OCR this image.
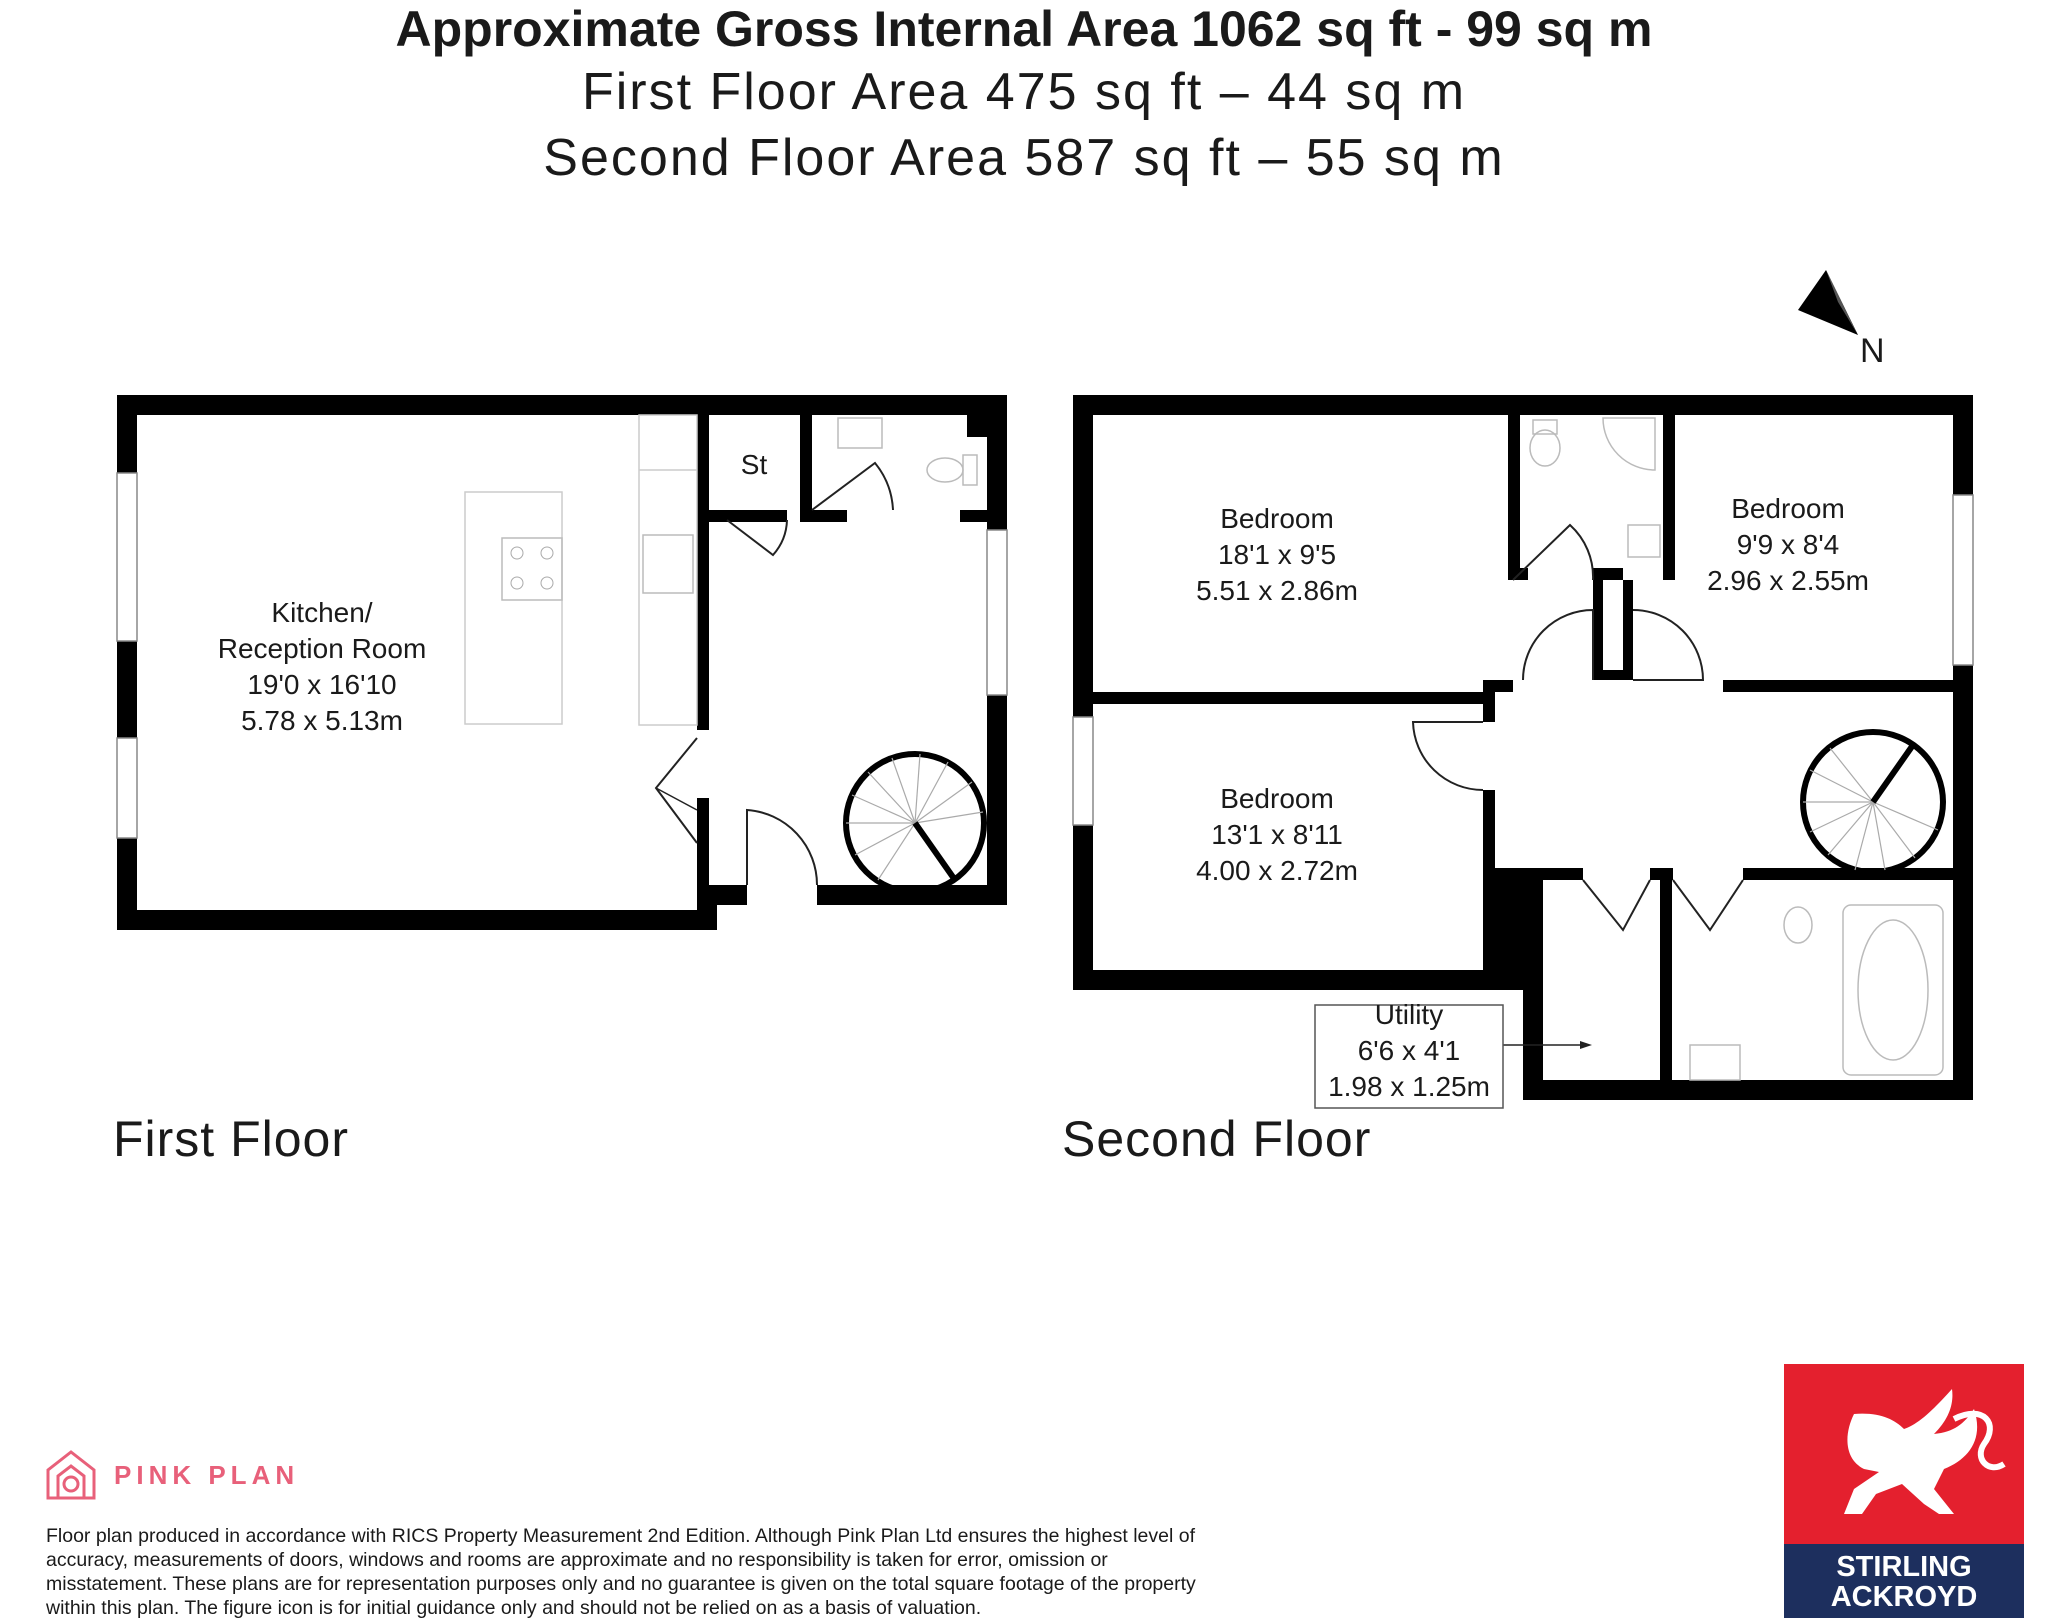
Approximate Gross Internal Area 1062 sq ft - 99 sq m
First Floor Area 475 sq ft – 44 sq m
Second Floor Area 587 sq ft – 55 sq m
N
Kitchen/
Reception Room
19'0 x 16'10
5.78 x 5.13m
St
Bedroom
18'1 x 9'5
5.51 x 2.86m
Bedroom
9'9 x 8'4
2.96 x 2.55m
Bedroom
13'1 x 8'11
4.00 x 2.72m
Utility
6'6 x 4'1
1.98 x 1.25m
First Floor	Second Floor
PINK PLAN
Floor plan produced in accordance with RICS Property Measurement 2nd Edition. Although Pink Plan Ltd ensures the highest level of accuracy, measurements of doors, windows and rooms are approximate and no responsibility is taken for error, omission or misstatement. These plans are for representation purposes only and no guarantee is given on the total square footage of the property within this plan. The figure icon is for initial guidance only and should not be relied on as a basis of valuation.
STIRLING
ACKROYD
